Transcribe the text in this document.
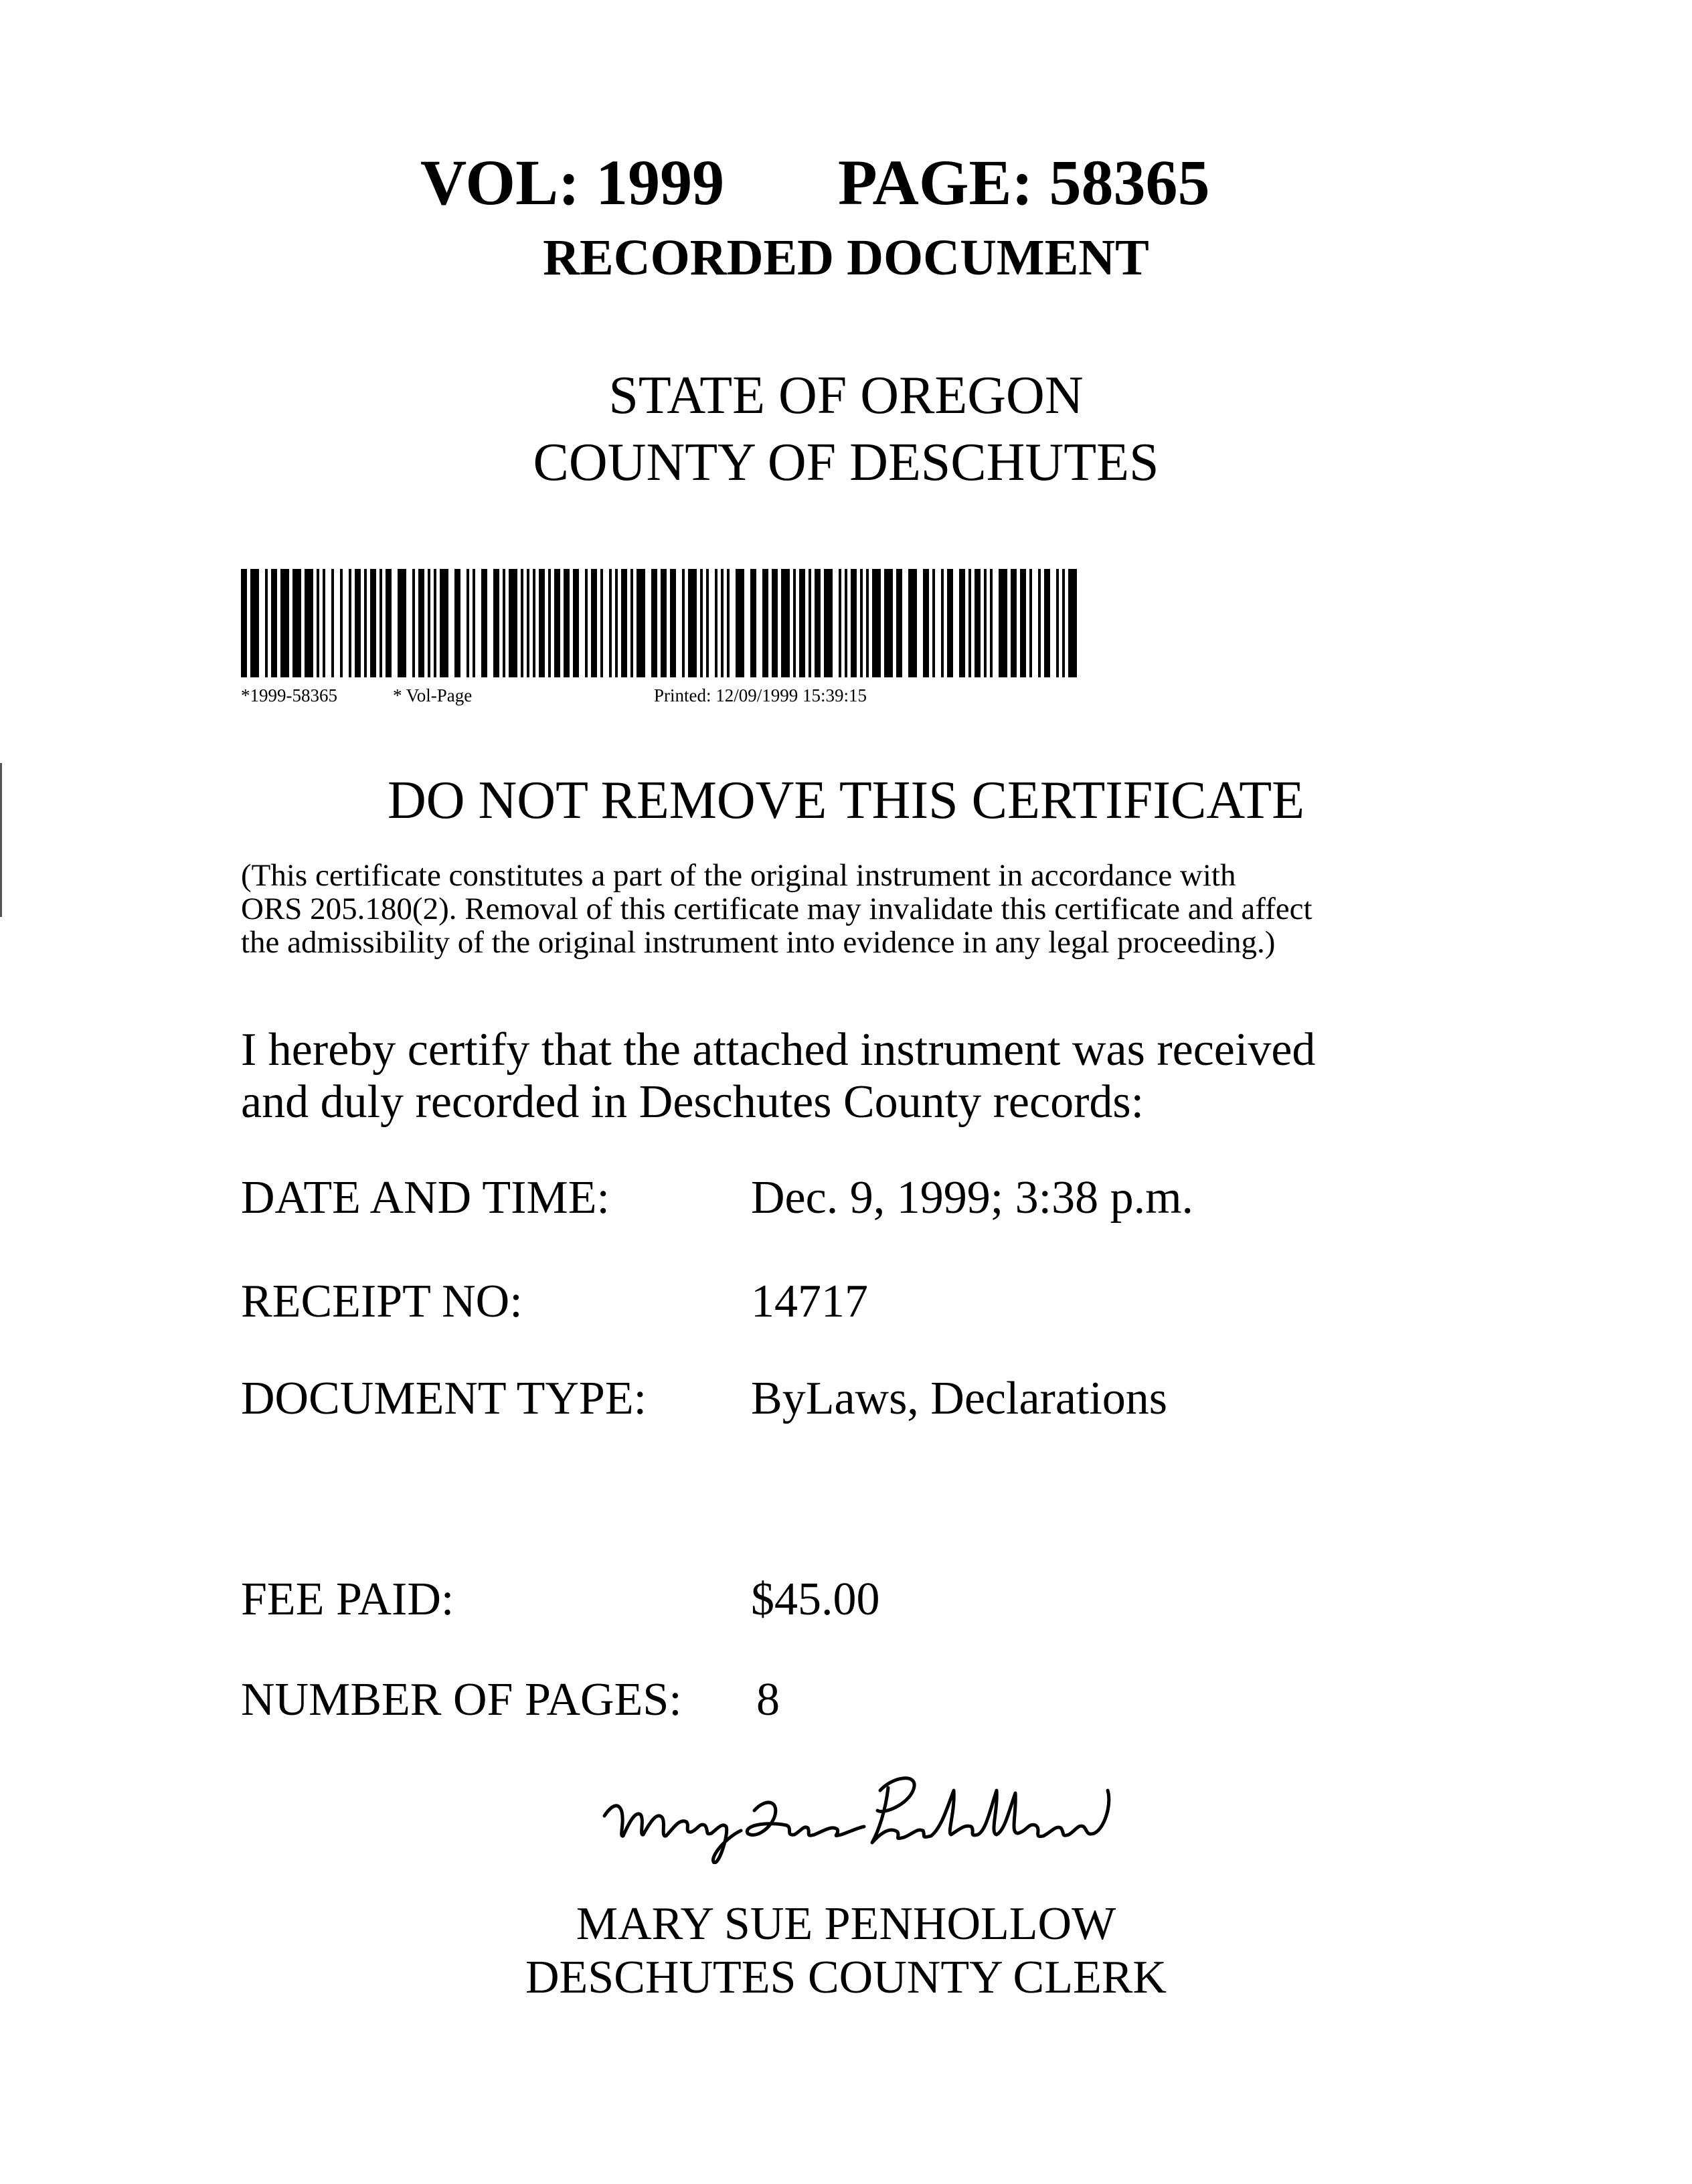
VOL: 1999 PAGE: 58365
RECORDED DOCUMENT
STATE OF OREGON
COUNTY OF DESCHUTES
*1999-58365	* Vol-Page	Printed: 12/09/1999 15:39:15
DO NOT REMOVE THIS CERTIFICATE
(This certificate constitutes a part of the original instrument in accordance with
ORS 205.180(2). Removal of this certificate may invalidate this certificate and affect
the admissibility of the original instrument into evidence in any legal proceeding.)
I hereby certify that the attached instrument was received
and duly recorded in Deschutes County records:
DATE AND TIME:	Dec. 9, 1999; 3:38 p.m.
RECEIPT NO:	14717
DOCUMENT TYPE: ByLaws, Declarations
FEE PAID:	$45.00
NUMBER OF PAGES: 8
MARY SUE PENHOLLOW
DESCHUTES COUNTY CLERK
